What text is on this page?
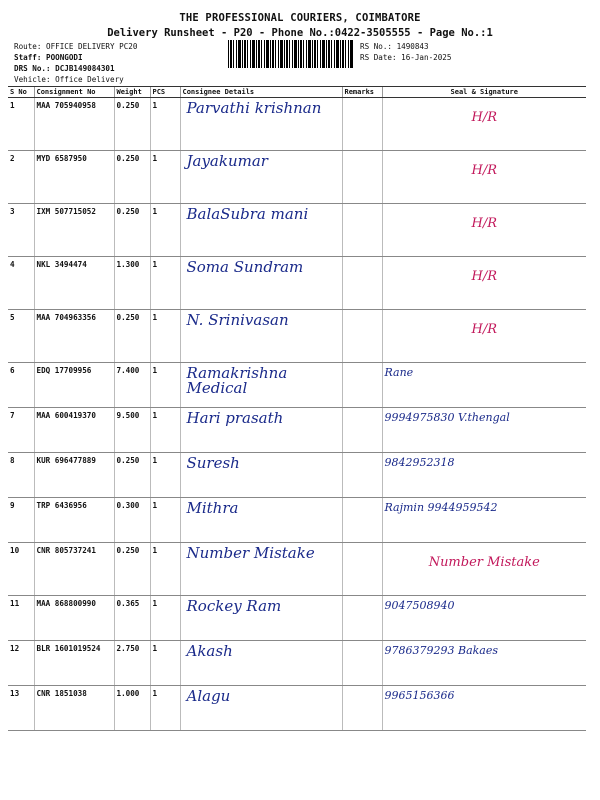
THE PROFESSIONAL COURIERS, COIMBATORE
Delivery Runsheet - P20 - Phone No.:0422-3505555 - Page No.:1
Route: OFFICE DELIVERY PC20
Staff: POONGODI
DRS No.: DCJB149084301
Vehicle: Office Delivery
RS No.: 1490843
RS Date: 16-Jan-2025
S No	Consignment No	Weight	PCS	Consignee Details	Remarks	Seal & Signature
1	MAA 705940958	0.250	1	Parvathi krishnan		H/R
2	MYD 6587950	0.250	1	Jayakumar		H/R
3	IXM 507715052	0.250	1	BalaSubra mani		H/R
4	NKL 3494474	1.300	1	Soma Sundram		H/R
5	MAA 704963356	0.250	1	N. Srinivasan		H/R
6	EDQ 17709956	7.400	1	Ramakrishna Medical		Rane
7	MAA 600419370	9.500	1	Hari prasath		9994975830 V.thengal
8	KUR 696477889	0.250	1	Suresh		9842952318
9	TRP 6436956	0.300	1	Mithra		Rajmin 9944959542
10	CNR 805737241	0.250	1	Number Mistake		Number Mistake
11	MAA 868800990	0.365	1	Rockey Ram		9047508940
12	BLR 1601019524	2.750	1	Akash		9786379293 Bakaes
13	CNR 1851038	1.000	1	Alagu		9965156366
